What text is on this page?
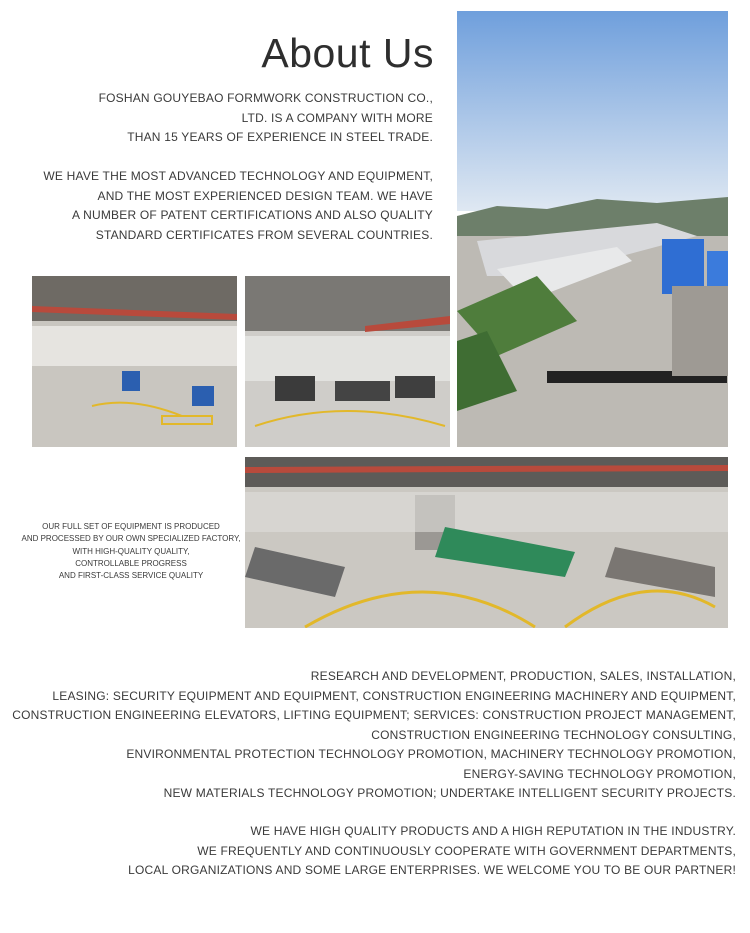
About Us
FOSHAN GOUYEBAO FORMWORK CONSTRUCTION CO.,
LTD. IS A COMPANY WITH MORE
THAN 15 YEARS OF EXPERIENCE IN STEEL TRADE.
WE HAVE THE MOST ADVANCED TECHNOLOGY AND EQUIPMENT,
AND THE MOST EXPERIENCED DESIGN TEAM. WE HAVE
A NUMBER OF PATENT CERTIFICATIONS AND ALSO QUALITY
STANDARD CERTIFICATES FROM SEVERAL COUNTRIES.
OUR FULL SET OF EQUIPMENT IS PRODUCED
AND PROCESSED BY OUR OWN SPECIALIZED FACTORY,
WITH HIGH-QUALITY QUALITY,
CONTROLLABLE PROGRESS
AND FIRST-CLASS SERVICE QUALITY
RESEARCH AND DEVELOPMENT, PRODUCTION, SALES, INSTALLATION,
LEASING: SECURITY EQUIPMENT AND EQUIPMENT, CONSTRUCTION ENGINEERING MACHINERY AND EQUIPMENT,
CONSTRUCTION ENGINEERING ELEVATORS, LIFTING EQUIPMENT; SERVICES: CONSTRUCTION PROJECT MANAGEMENT,
CONSTRUCTION ENGINEERING TECHNOLOGY CONSULTING,
ENVIRONMENTAL PROTECTION TECHNOLOGY PROMOTION, MACHINERY TECHNOLOGY PROMOTION,
ENERGY-SAVING TECHNOLOGY PROMOTION,
NEW MATERIALS TECHNOLOGY PROMOTION; UNDERTAKE INTELLIGENT SECURITY PROJECTS.
WE HAVE HIGH QUALITY PRODUCTS AND A HIGH REPUTATION IN THE INDUSTRY.
WE FREQUENTLY AND CONTINUOUSLY COOPERATE WITH GOVERNMENT DEPARTMENTS,
LOCAL ORGANIZATIONS AND SOME LARGE ENTERPRISES. WE WELCOME YOU TO BE OUR PARTNER!
